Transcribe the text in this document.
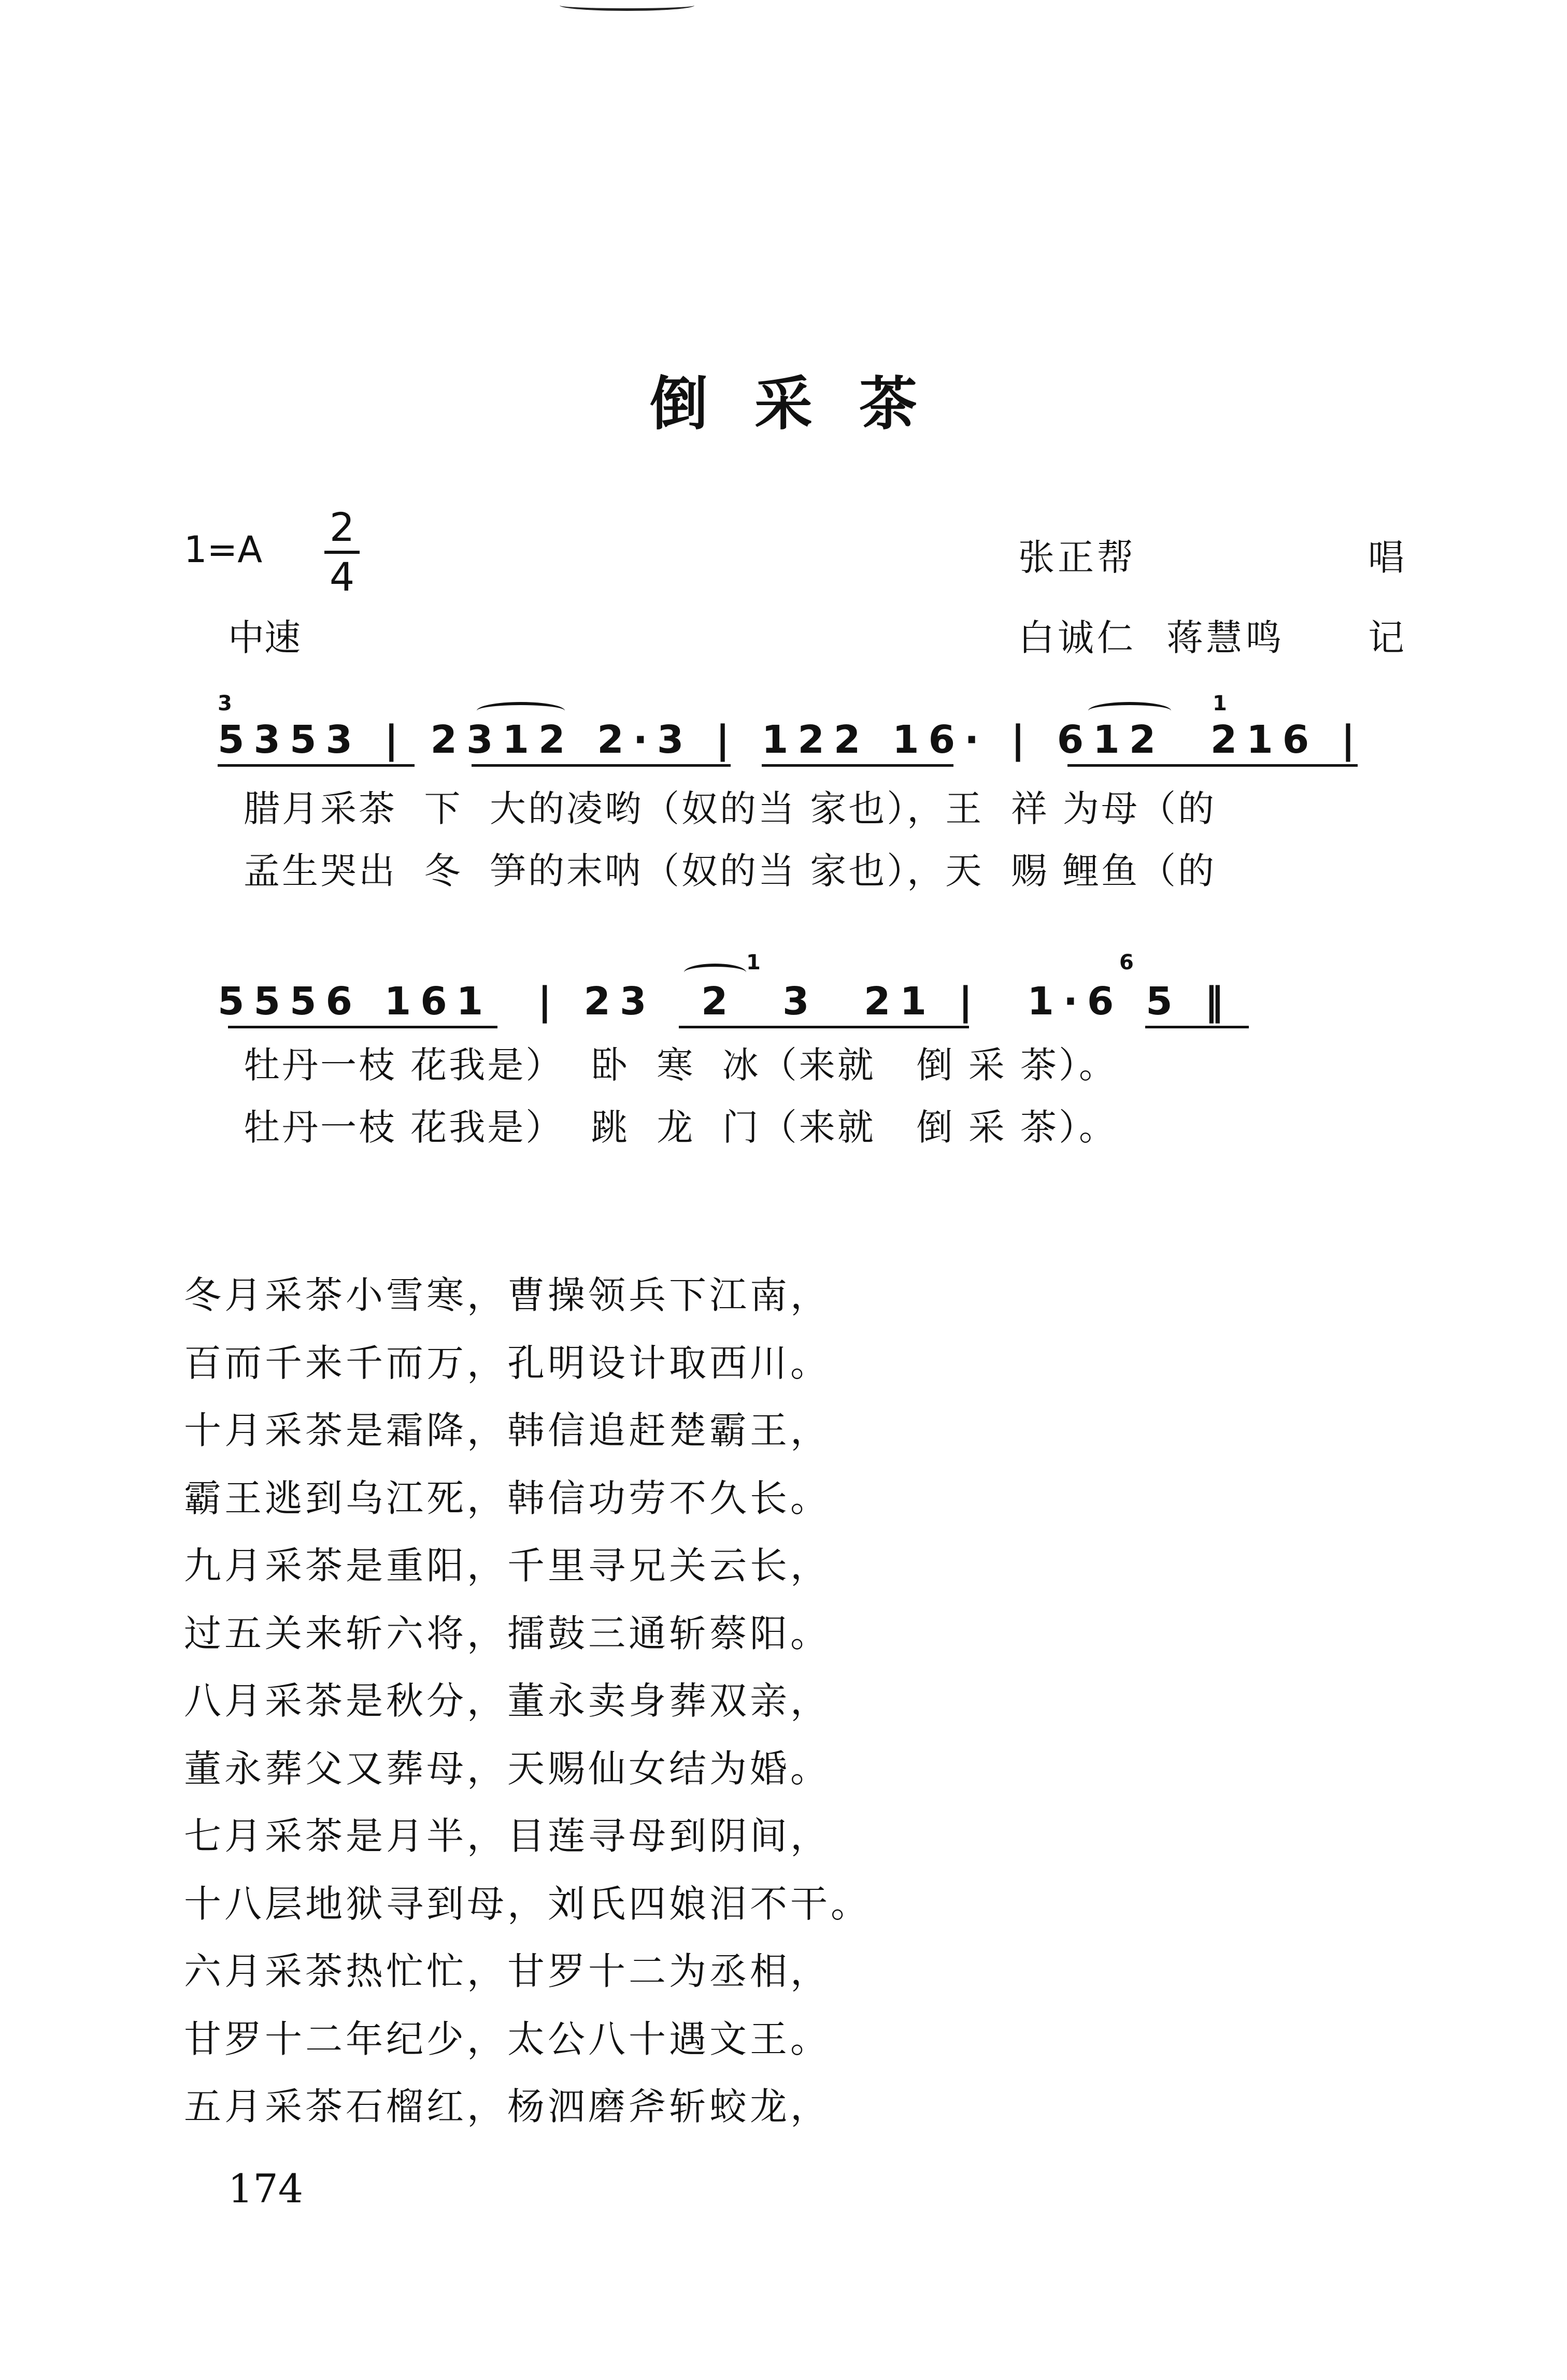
倒采茶
1=A 2
4
中速
张正帮	唱
白诚仁 蒋慧鸣 记
3	1
5353 | 2312 2·3 | 122 16· | 612  216 |
腊月采茶  下  大的凌哟（奴的当 家也），王  祥 为母（的
孟生哭出  冬  笋的末呐（奴的当 家也），天  赐 鲤鱼（的
1	6
5556 161  | 23  2  3  21 |  1·6 5 ‖
牡丹一枝 花我是）  卧  寒  冰（来就   倒 采 茶）。
牡丹一枝 花我是）  跳  龙  门（来就   倒 采 茶）。
冬月采茶小雪寒，曹操领兵下江南，
百而千来千而万，孔明设计取西川。
十月采茶是霜降，韩信追赶楚霸王，
霸王逃到乌江死，韩信功劳不久长。
九月采茶是重阳，千里寻兄关云长，
过五关来斩六将，擂鼓三通斩蔡阳。
八月采茶是秋分，董永卖身葬双亲，
董永葬父又葬母，天赐仙女结为婚。
七月采茶是月半，目莲寻母到阴间，
十八层地狱寻到母，刘氏四娘泪不干。
六月采茶热忙忙，甘罗十二为丞相，
甘罗十二年纪少，太公八十遇文王。
五月采茶石榴红，杨泗磨斧斩蛟龙，
174
